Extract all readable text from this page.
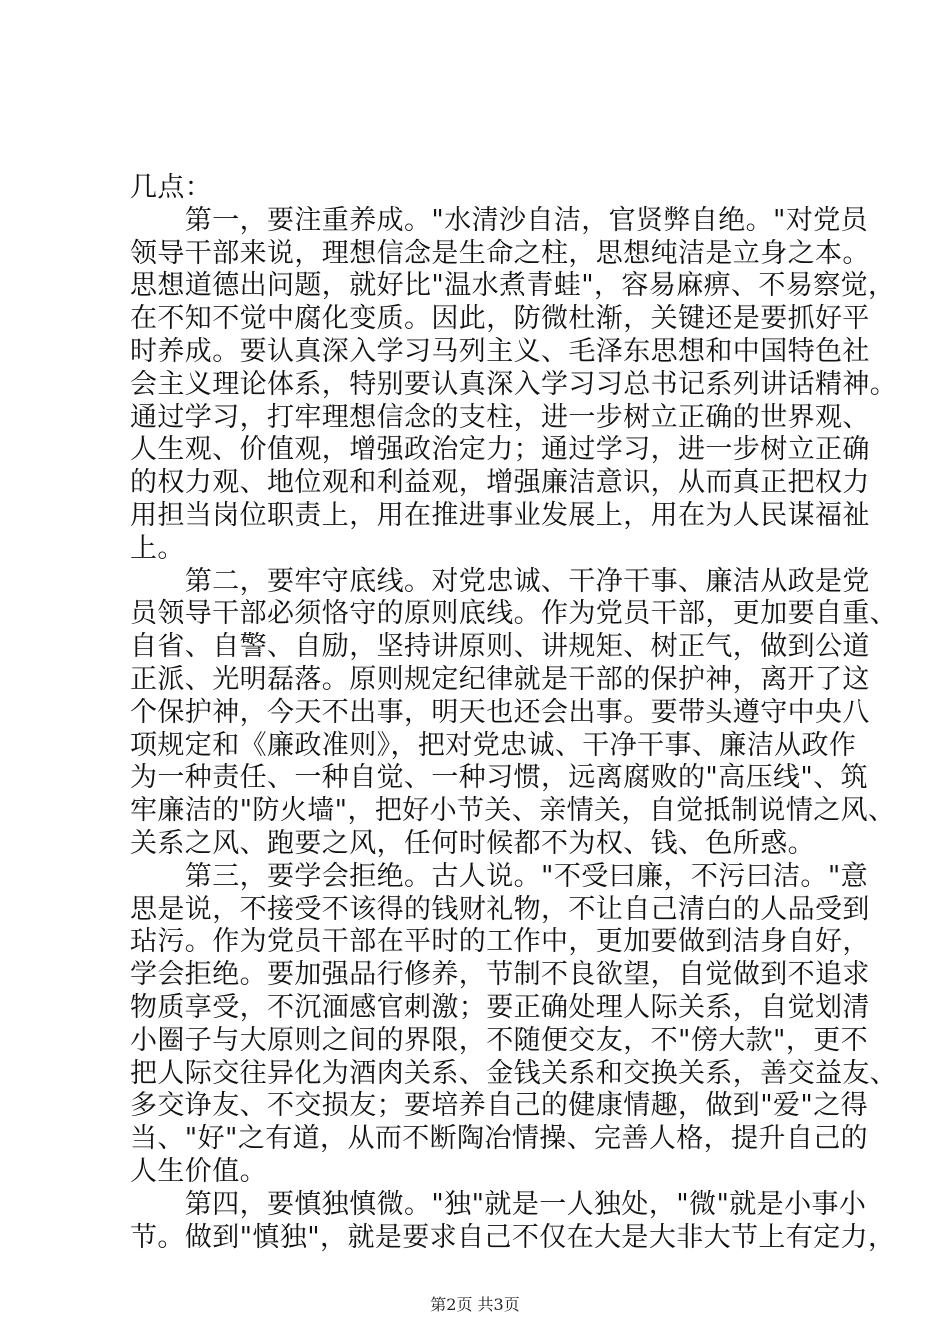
几点：
　　第一，要注重养成。"水清沙自洁，官贤弊自绝。"对党员
领导干部来说，理想信念是生命之柱，思想纯洁是立身之本。
思想道德出问题，就好比"温水煮青蛙"，容易麻痹、不易察觉，
在不知不觉中腐化变质。因此，防微杜渐，关键还是要抓好平
时养成。要认真深入学习马列主义、毛泽东思想和中国特色社
会主义理论体系，特别要认真深入学习习总书记系列讲话精神。
通过学习，打牢理想信念的支柱，进一步树立正确的世界观、
人生观、价值观，增强政治定力；通过学习，进一步树立正确
的权力观、地位观和利益观，增强廉洁意识，从而真正把权力
用担当岗位职责上，用在推进事业发展上，用在为人民谋福祉
上。
　　第二，要牢守底线。对党忠诚、干净干事、廉洁从政是党
员领导干部必须恪守的原则底线。作为党员干部，更加要自重、
自省、自警、自励，坚持讲原则、讲规矩、树正气，做到公道
正派、光明磊落。原则规定纪律就是干部的保护神，离开了这
个保护神，今天不出事，明天也还会出事。要带头遵守中央八
项规定和《廉政准则》，把对党忠诚、干净干事、廉洁从政作
为一种责任、一种自觉、一种习惯，远离腐败的"高压线"、筑
牢廉洁的"防火墙"，把好小节关、亲情关，自觉抵制说情之风、
关系之风、跑要之风，任何时候都不为权、钱、色所惑。
　　第三，要学会拒绝。古人说。"不受曰廉，不污曰洁。"意
思是说，不接受不该得的钱财礼物，不让自己清白的人品受到
玷污。作为党员干部在平时的工作中，更加要做到洁身自好，
学会拒绝。要加强品行修养，节制不良欲望，自觉做到不追求
物质享受，不沉湎感官刺激；要正确处理人际关系，自觉划清
小圈子与大原则之间的界限，不随便交友，不"傍大款"，更不
把人际交往异化为酒肉关系、金钱关系和交换关系，善交益友、
多交诤友、不交损友；要培养自己的健康情趣，做到"爱"之得
当、"好"之有道，从而不断陶冶情操、完善人格，提升自己的
人生价值。
　　第四，要慎独慎微。"独"就是一人独处，"微"就是小事小
节。做到"慎独"，就是要求自己不仅在大是大非大节上有定力，
第2页 共3页
